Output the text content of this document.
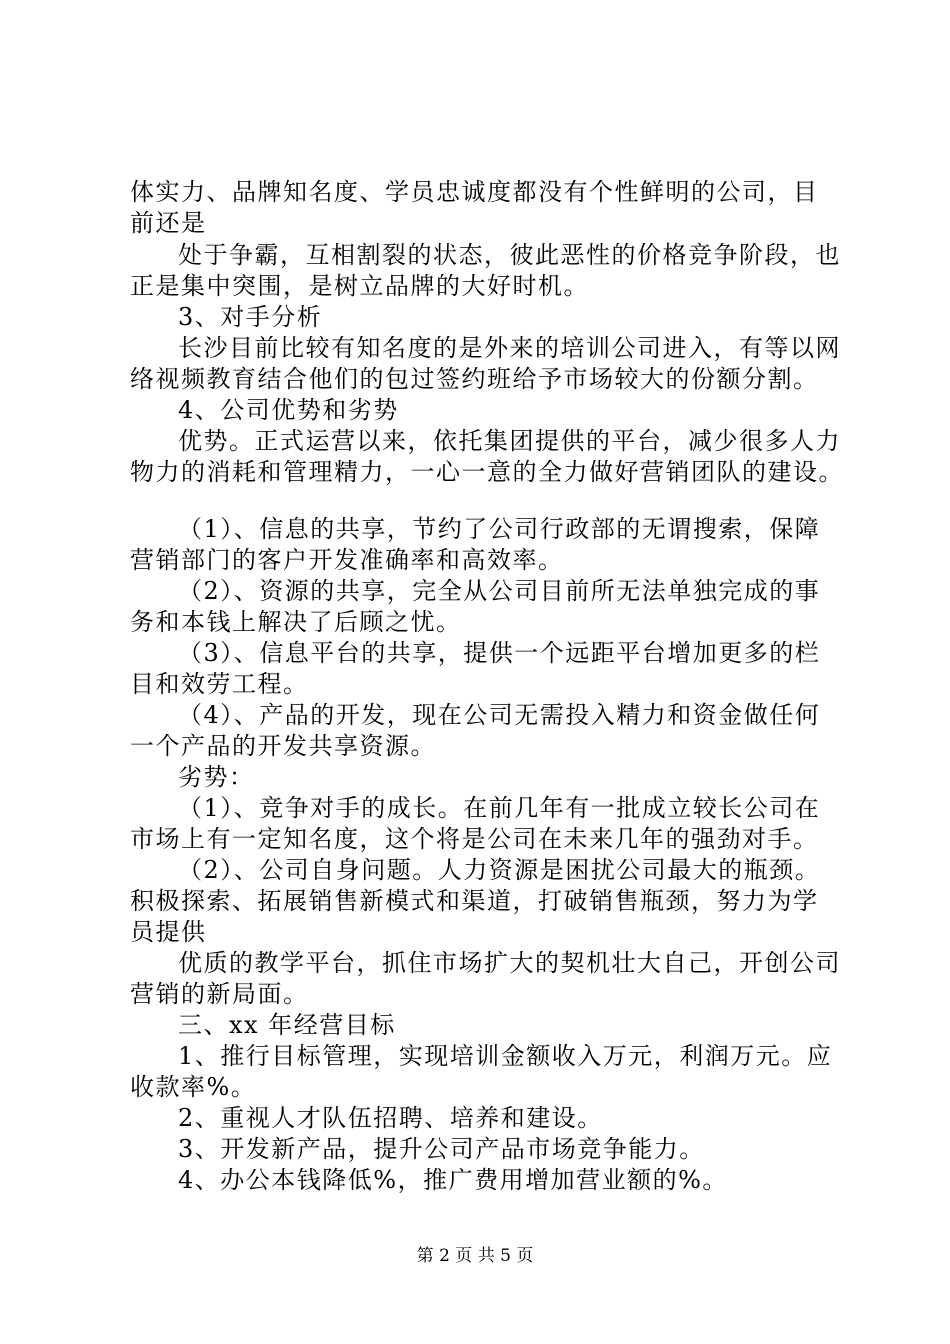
体实力、品牌知名度、学员忠诚度都没有个性鲜明的公司，目

前还是

处于争霸，互相割裂的状态，彼此恶性的价格竞争阶段，也

正是集中突围，是树立品牌的大好时机。

3、对手分析

长沙目前比较有知名度的是外来的培训公司进入，有等以网

络视频教育结合他们的包过签约班给予市场较大的份额分割。

4、公司优势和劣势

优势。正式运营以来，依托集团提供的平台，减少很多人力

物力的消耗和管理精力，一心一意的全力做好营销团队的建设。

（1）、信息的共享，节约了公司行政部的无谓搜索，保障

营销部门的客户开发准确率和高效率。

（2）、资源的共享，完全从公司目前所无法单独完成的事

务和本钱上解决了后顾之忧。

（3）、信息平台的共享，提供一个远距平台增加更多的栏

目和效劳工程。

（4）、产品的开发，现在公司无需投入精力和资金做任何

一个产品的开发共享资源。

劣势：

（1）、竞争对手的成长。在前几年有一批成立较长公司在

市场上有一定知名度，这个将是公司在未来几年的强劲对手。

（2）、公司自身问题。人力资源是困扰公司最大的瓶颈。

积极探索、拓展销售新模式和渠道，打破销售瓶颈，努力为学

员提供

优质的教学平台，抓住市场扩大的契机壮大自己，开创公司

营销的新局面。

三、xx 年经营目标

1、推行目标管理，实现培训金额收入万元，利润万元。应

收款率%。

2、重视人才队伍招聘、培养和建设。

3、开发新产品，提升公司产品市场竞争能力。

4、办公本钱降低%，推广费用增加营业额的%。

第 2 页 共 5 页
